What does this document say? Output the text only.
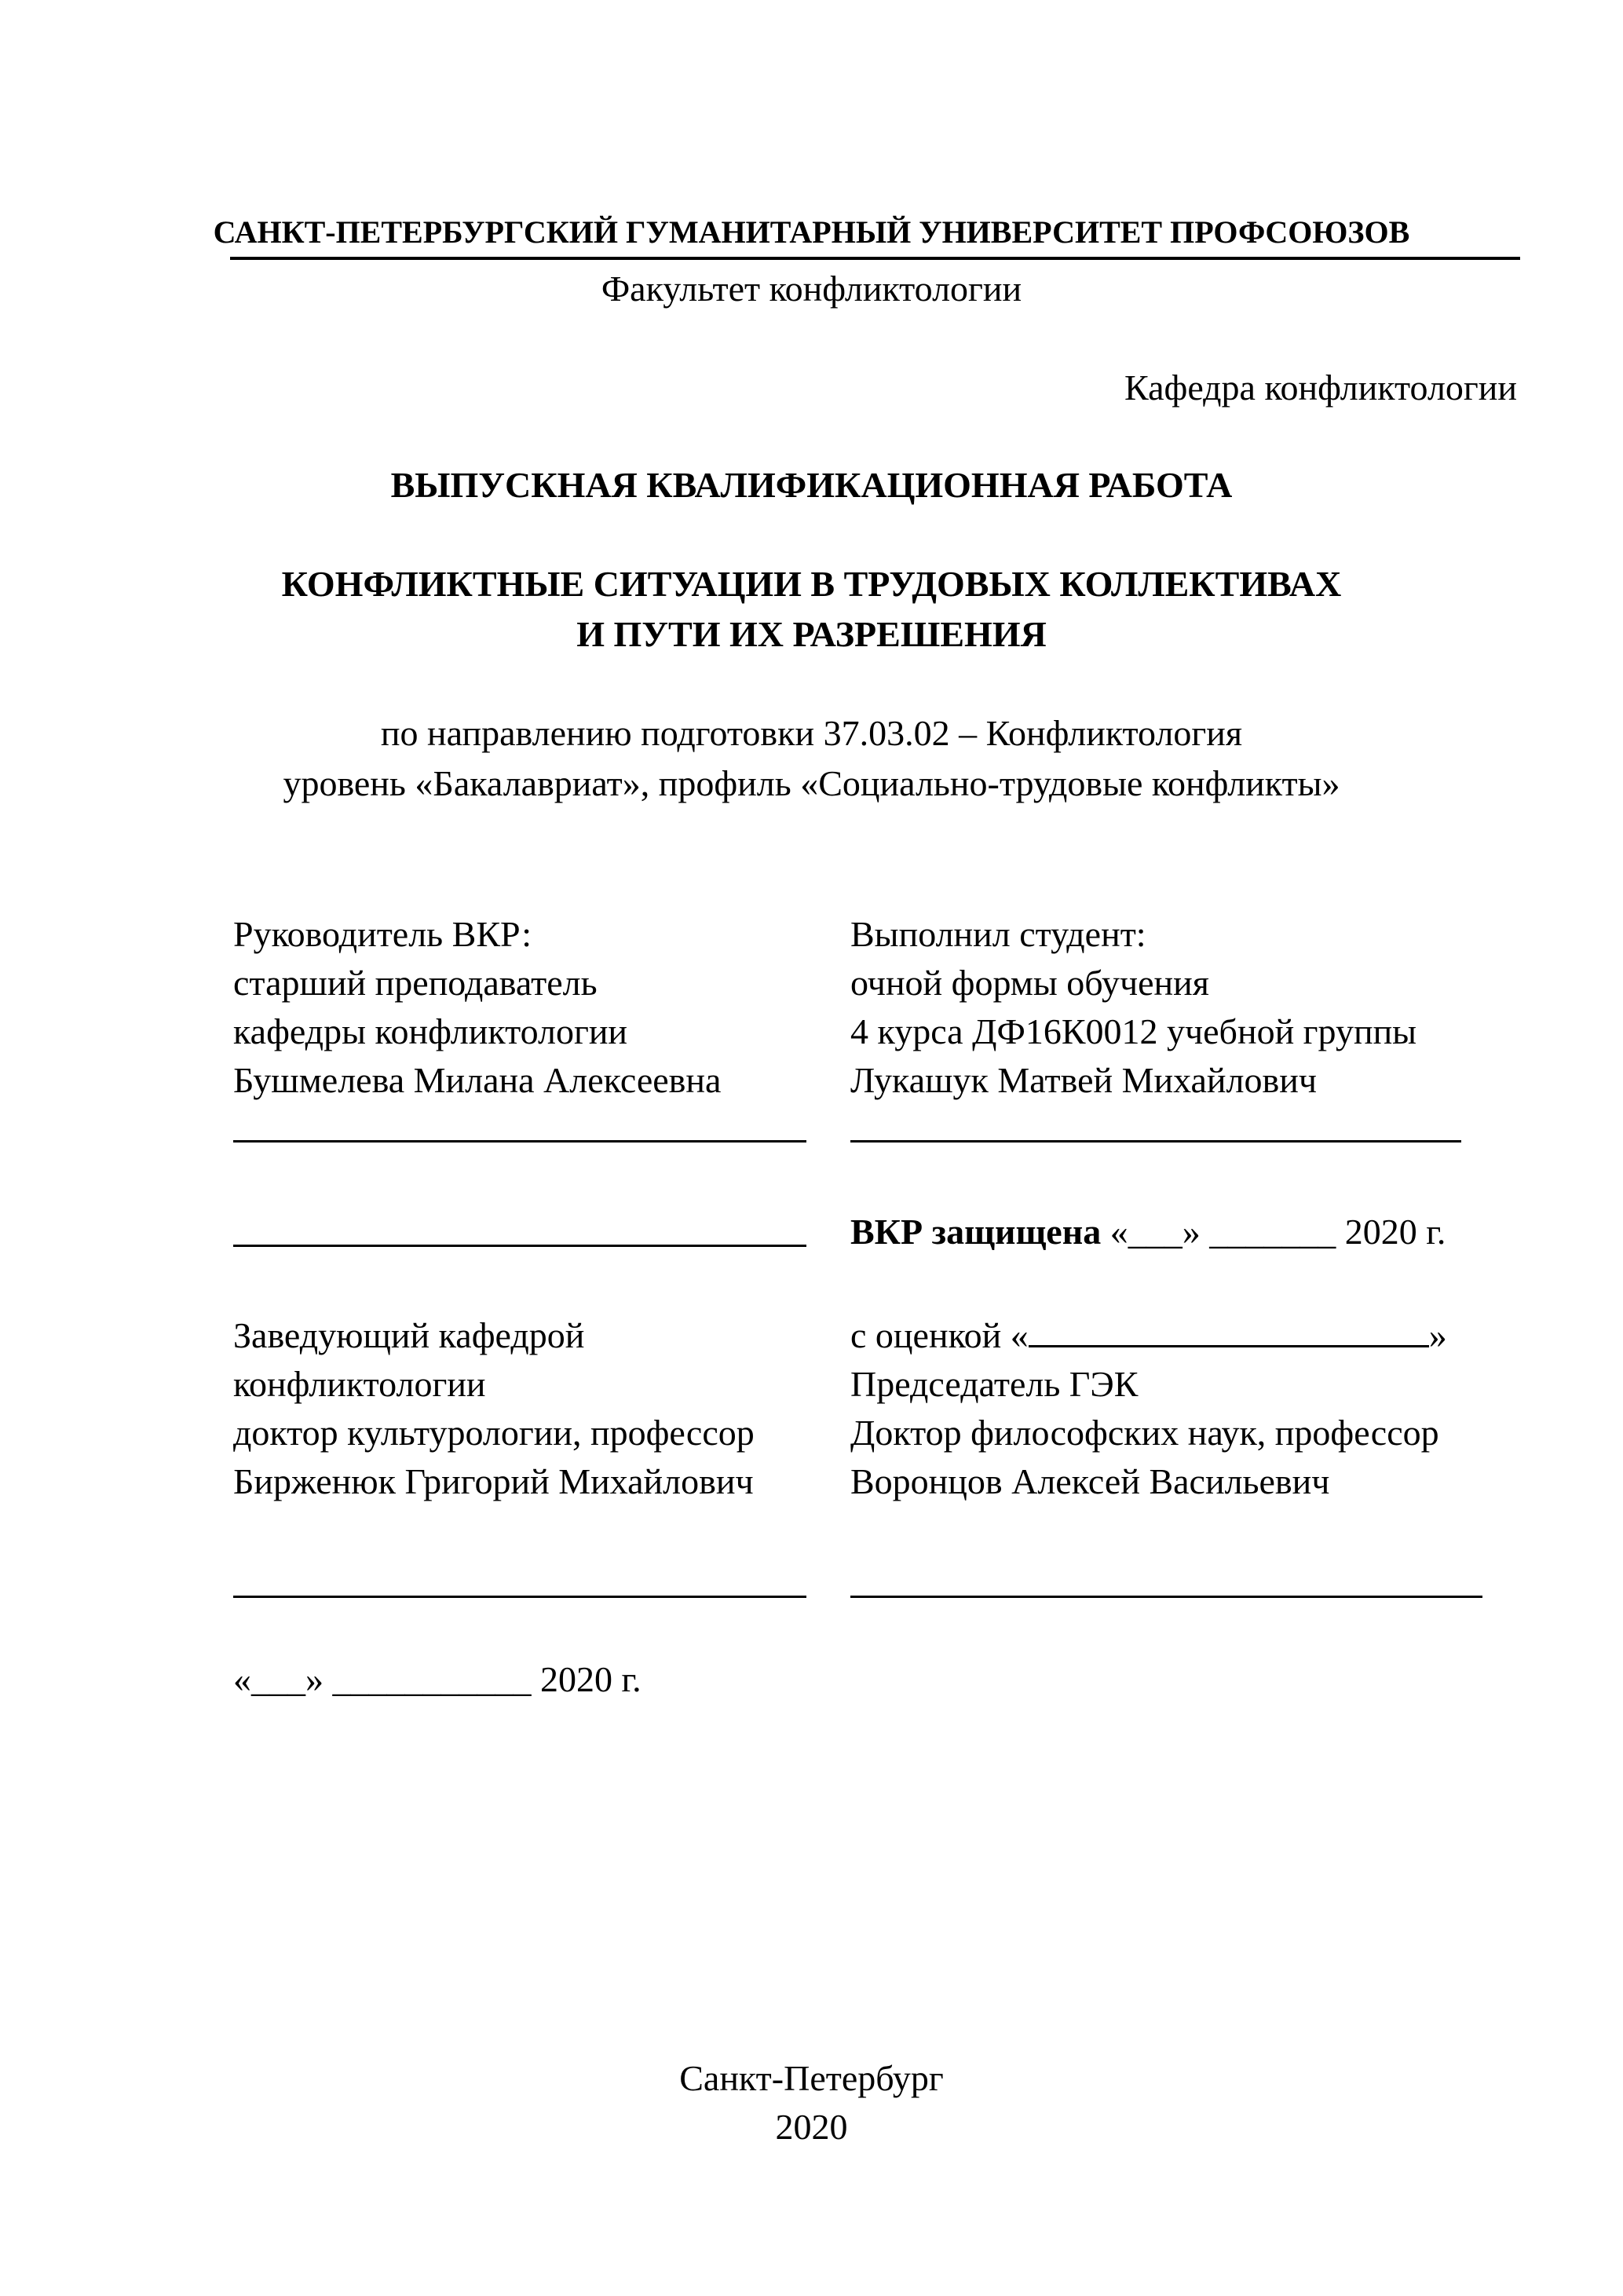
САНКТ-ПЕТЕРБУРГСКИЙ ГУМАНИТАРНЫЙ УНИВЕРСИТЕТ ПРОФСОЮЗОВ
Факультет конфликтологии
Кафедра конфликтологии
ВЫПУСКНАЯ КВАЛИФИКАЦИОННАЯ РАБОТА
КОНФЛИКТНЫЕ СИТУАЦИИ В ТРУДОВЫХ КОЛЛЕКТИВАХ
И ПУТИ ИХ РАЗРЕШЕНИЯ
по направлению подготовки 37.03.02 – Конфликтология
уровень «Бакалавриат», профиль «Социально-трудовые конфликты»
Руководитель ВКР:
старший преподаватель
кафедры конфликтологии
Бушмелева Милана Алексеевна
Выполнил студент:
очной формы обучения
4 курса ДФ16К0012 учебной группы
Лукашук Матвей Михайлович
ВКР защищена «___» _______ 2020 г.
Заведующий кафедрой
конфликтологии
доктор культурологии, профессор
Бирженюк Григорий Михайлович
с оценкой «	»
Председатель ГЭК
Доктор философских наук, профессор
Воронцов Алексей Васильевич
«___» ___________ 2020 г.
Санкт-Петербург
2020
